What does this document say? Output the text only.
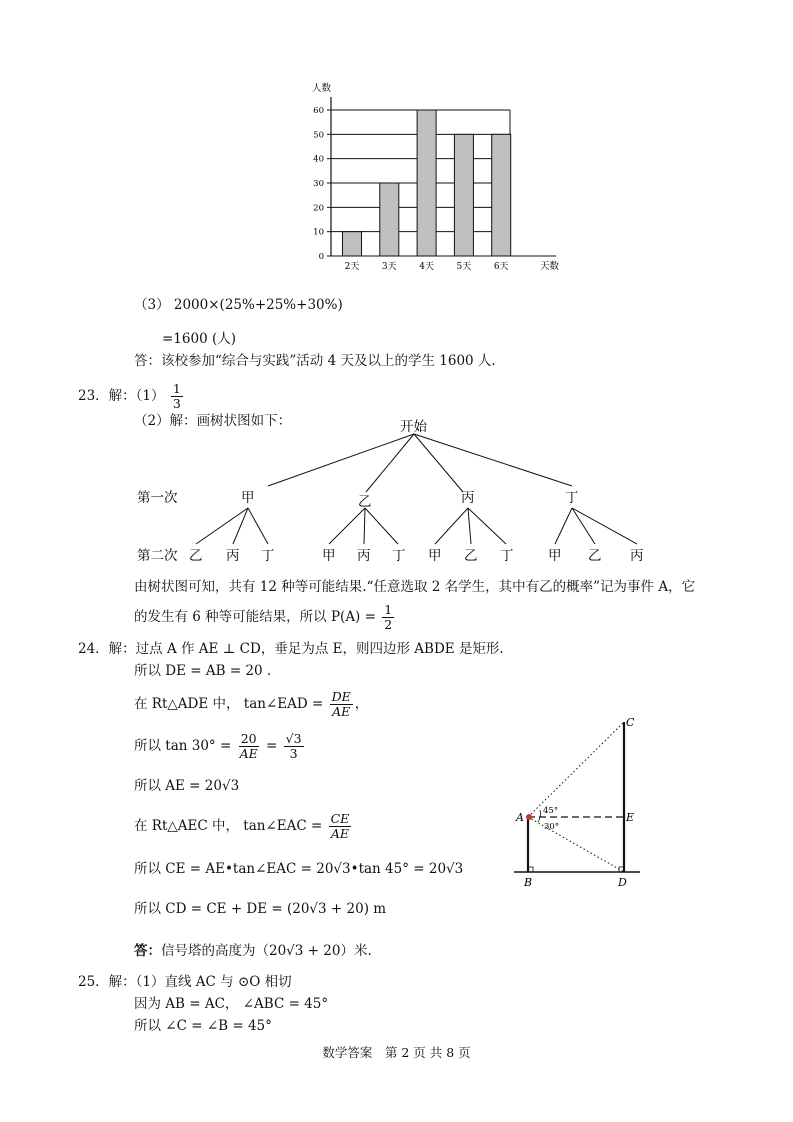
0
10
20
30
40
50
60
2天	3天	4天	5天	6天
人数
天数
（3） 2000×(25%+25%+30%)
=1600 (人)
答：该校参加“综合与实践”活动 4 天及以上的学生 1600 人.
23．解：$(1) \frac{1}{3}$
（2）解：画树状图如下：	开始
第一次
第二次
甲	乙	丙	丁
乙 丙 丁	甲 丙 丁 甲 乙 丁	甲 乙 丙
由树状图可知，共有 12 种等可能结果.“任意选取 2 名学生，其中有乙的概率”记为事件 A，它
的发生有 6 种等可能结果，所以 $P(A) = \frac{1}{2}$
24．解：过点 A 作 AE ⊥ CD，垂足为点 E，则四边形 ABDE 是矩形.
所以 DE = AB = 20 .
在 Rt△ADE 中， tan∠EAD = $\frac{DE}{AE}$ ，
所以 $\tan 30^\circ = \frac{20}{AE} = \frac{√3}{3}$
所以 AE = 20√3
在 Rt△AEC 中， tan∠EAC = $\frac{CE}{AE}$
所以 CE = AE•tan∠EAC = 20√3•tan 45° = 20√3
所以 CD = CE + DE = (20√3 + 20) m
答：信号塔的高度为（20√3 + 20）米.
A
B
C
D
E
45°
30°
25．解：（1）直线 AC 与 ⊙O 相切
因为 AB = AC， ∠ABC = 45°
所以 ∠C = ∠B = 45°
数学答案　第 2 页 共 8 页
